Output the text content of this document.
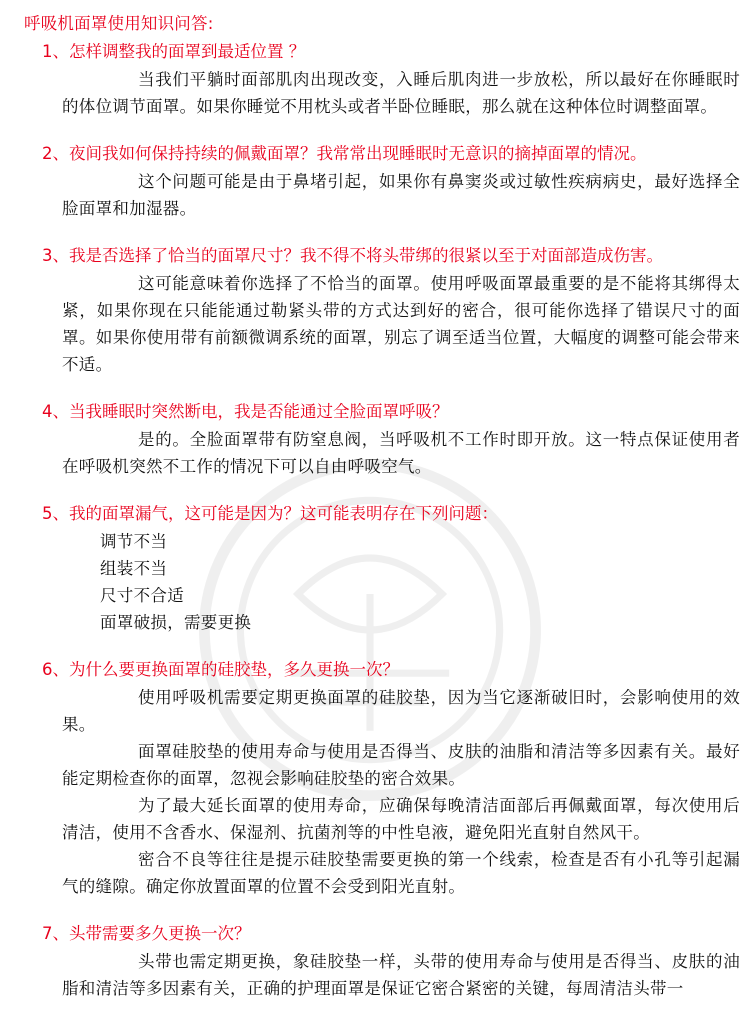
呼吸机面罩使用知识问答:
1、怎样调整我的面罩到最适位置 ？

当我们平躺时面部肌肉出现改变，入睡后肌肉进一步放松，所以最好在你睡眠时的体位调节面罩。如果你睡觉不用枕头或者半卧位睡眠，那么就在这种体位时调整面罩。

2、夜间我如何保持持续的佩戴面罩？我常常出现睡眠时无意识的摘掉面罩的情况。

这个问题可能是由于鼻堵引起，如果你有鼻窦炎或过敏性疾病病史，最好选择全脸面罩和加湿器。

3、我是否选择了恰当的面罩尺寸？我不得不将头带绑的很紧以至于对面部造成伤害。

这可能意味着你选择了不恰当的面罩。使用呼吸面罩最重要的是不能将其绑得太紧，如果你现在只能能通过勒紧头带的方式达到好的密合，很可能你选择了错误尺寸的面罩。如果你使用带有前额微调系统的面罩，别忘了调至适当位置，大幅度的调整可能会带来不适。

4、当我睡眠时突然断电，我是否能通过全脸面罩呼吸？

是的。全脸面罩带有防窒息阀，当呼吸机不工作时即开放。这一特点保证使用者在呼吸机突然不工作的情况下可以自由呼吸空气。

5、我的面罩漏气，这可能是因为？这可能表明存在下列问题：
调节不当
组装不当
尺寸不合适
面罩破损，需要更换
6、为什么要更换面罩的硅胶垫，多久更换一次？

使用呼吸机需要定期更换面罩的硅胶垫，因为当它逐渐破旧时，会影响使用的效果。

面罩硅胶垫的使用寿命与使用是否得当、皮肤的油脂和清洁等多因素有关。最好能定期检查你的面罩，忽视会影响硅胶垫的密合效果。

为了最大延长面罩的使用寿命，应确保每晚清洁面部后再佩戴面罩，每次使用后清洁，使用不含香水、保湿剂、抗菌剂等的中性皂液，避免阳光直射自然风干。

密合不良等往往是提示硅胶垫需要更换的第一个线索，检查是否有小孔等引起漏气的缝隙。确定你放置面罩的位置不会受到阳光直射。

7、头带需要多久更换一次？

头带也需定期更换，象硅胶垫一样，头带的使用寿命与使用是否得当、皮肤的油脂和清洁等多因素有关，正确的护理面罩是保证它密合紧密的关键，每周清洁头带一
